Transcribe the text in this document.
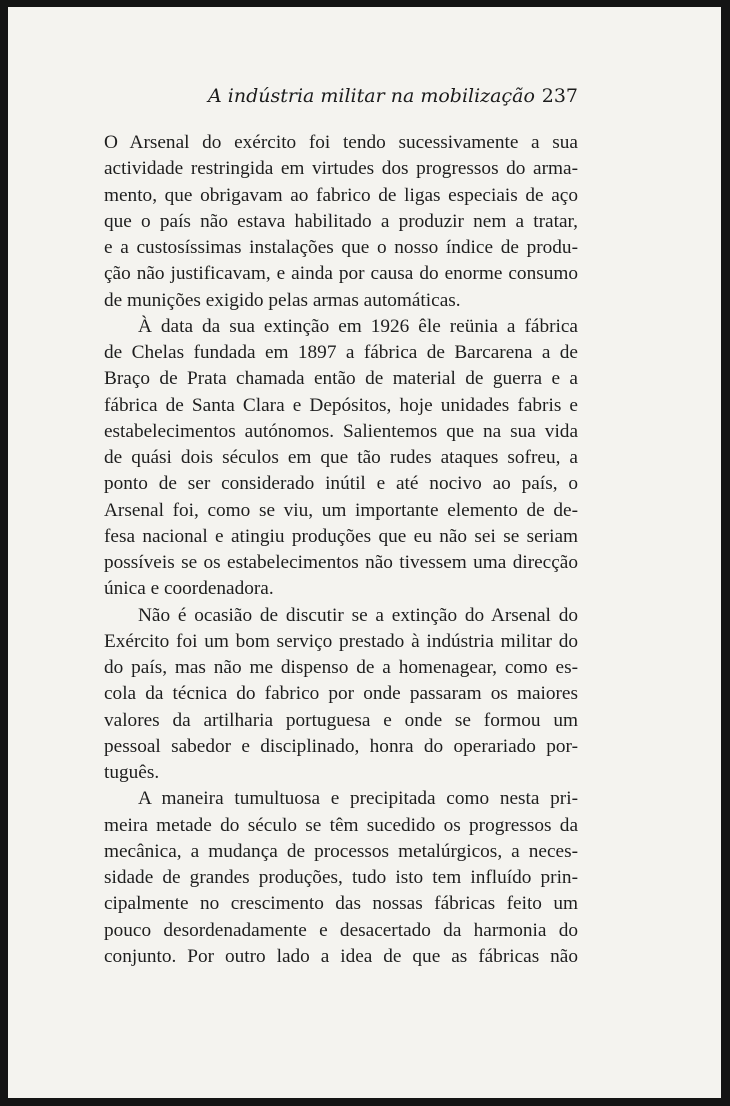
A indústria militar na mobilização 237
O Arsenal do exército foi tendo sucessivamente a sua
actividade restringida em virtudes dos progressos do arma-
mento, que obrigavam ao fabrico de ligas especiais de aço
que o país não estava habilitado a produzir nem a tratar,
e a custosíssimas instalações que o nosso índice de produ-
ção não justificavam, e ainda por causa do enorme consumo
de munições exigido pelas armas automáticas.
À data da sua extinção em 1926 êle reünia a fábrica
de Chelas fundada em 1897 a fábrica de Barcarena a de
Braço de Prata chamada então de material de guerra e a
fábrica de Santa Clara e Depósitos, hoje unidades fabris e
estabelecimentos autónomos. Salientemos que na sua vida
de quási dois séculos em que tão rudes ataques sofreu, a
ponto de ser considerado inútil e até nocivo ao país, o
Arsenal foi, como se viu, um importante elemento de de-
fesa nacional e atingiu produções que eu não sei se seriam
possíveis se os estabelecimentos não tivessem uma direcção
única e coordenadora.
Não é ocasião de discutir se a extinção do Arsenal do
Exército foi um bom serviço prestado à indústria militar do
do país, mas não me dispenso de a homenagear, como es-
cola da técnica do fabrico por onde passaram os maiores
valores da artilharia portuguesa e onde se formou um
pessoal sabedor e disciplinado, honra do operariado por-
tuguês.
A maneira tumultuosa e precipitada como nesta pri-
meira metade do século se têm sucedido os progressos da
mecânica, a mudança de processos metalúrgicos, a neces-
sidade de grandes produções, tudo isto tem influído prin-
cipalmente no crescimento das nossas fábricas feito um
pouco desordenadamente e desacertado da harmonia do
conjunto. Por outro lado a idea de que as fábricas não
